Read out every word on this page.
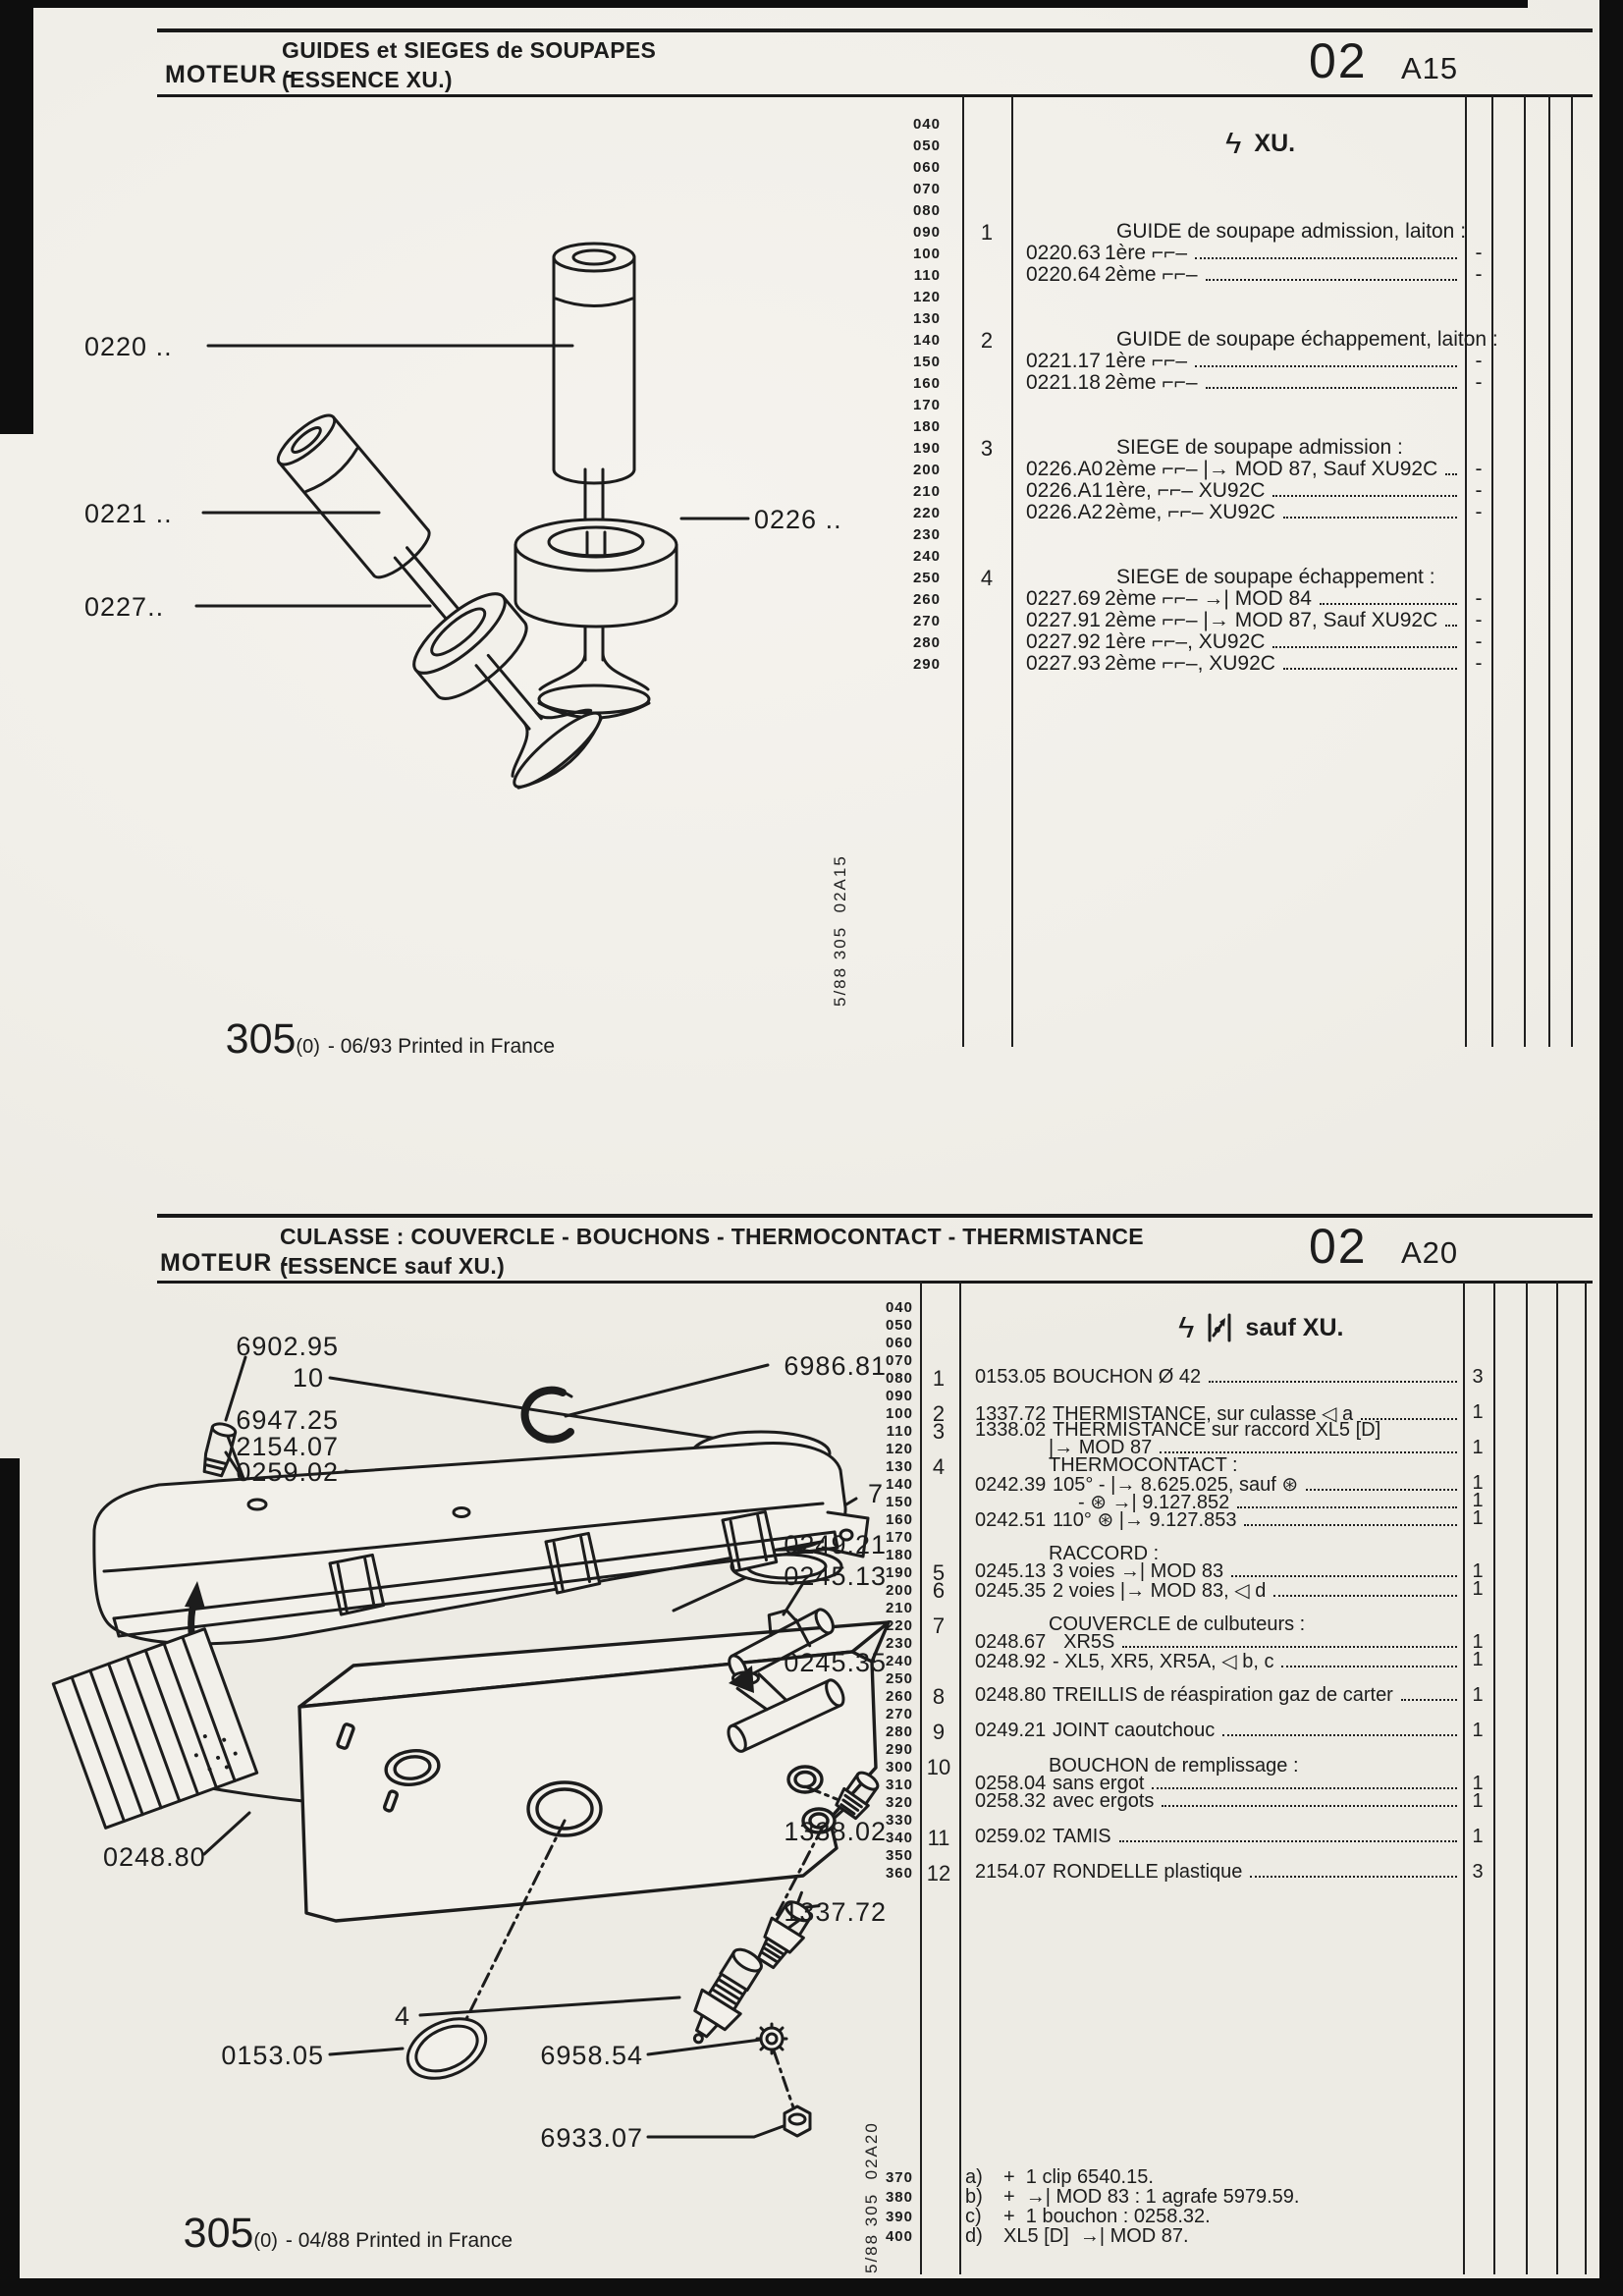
MOTEUR -
GUIDES et SIEGES de SOUPAPES
(ESSENCE XU.)	02 A15
ϟ XU.
0220 ..
0221 ..
0227..
0226 ..
040
050
060
070
080
090
100
110
120
130
140
150
160
170
180
190
200
210
220
230
240
250
260
270
280
290
1	GUIDE de soupape admission, laiton :
0220.63 1ère ⌐⌐–	-
0220.64 2ème ⌐⌐–	-
2	GUIDE de soupape échappement, laiton :
0221.17 1ère ⌐⌐–	-
0221.18 2ème ⌐⌐–	-
3	SIEGE de soupape admission :
0226.A0 2ème ⌐⌐– |→ MOD 87, Sauf XU92C	-
0226.A1 1ère, ⌐⌐– XU92C	-
0226.A2 2ème, ⌐⌐– XU92C	-
4	SIEGE de soupape échappement :
0227.69 2ème ⌐⌐– →| MOD 84	-
0227.91 2ème ⌐⌐– |→ MOD 87, Sauf XU92C	-
0227.92 1ère ⌐⌐–, XU92C	-
0227.93 2ème ⌐⌐–, XU92C	-
5/88 305  02A15

305(0) - 06/93 Printed in France

MOTEUR -
CULASSE : COUVERCLE - BOUCHONS - THERMOCONTACT - THERMISTANCE
(ESSENCE sauf XU.)	02 A20
ϟ sauf XU.
6902.95
10
6947.25
2154.07
0259.02
6986.81
7
0249.21
0245.13
0245.35
0248.80
0153.05
1338.02
1337.72
4
6958.54
6933.07
040
050
060
070
080
090
100
110
120
130
140
150
160
170
180
190
200
210
220
230
240
250
260
270
280
290
300
310
320
330
340
350
360
370
380
390
400
1	0153.05 BOUCHON Ø 42	3
2	1337.72 THERMISTANCE, sur culasse ◁ a	1
3	1338.02 THERMISTANCE sur raccord XL5 [D]
|→ MOD 87	1
4	THERMOCONTACT :
0242.39 105° - |→ 8.625.025, sauf ⊛	1
- ⊛ →| 9.127.852	1
0242.51 110° ⊛ |→ 9.127.853	1
RACCORD :
5	0245.13 3 voies →| MOD 83	1
6	0245.35 2 voies |→ MOD 83, ◁ d	1
7	COUVERCLE de culbuteurs :
0248.67 XR5S	1
0248.92 - XL5, XR5, XR5A, ◁ b, c	1
8	0248.80 TREILLIS de réaspiration gaz de carter	1
9	0249.21 JOINT caoutchouc	1
10	BOUCHON de remplissage :
0258.04 sans ergot	1
0258.32 avec ergots	1
11	0259.02 TAMIS	1
12	2154.07 RONDELLE plastique	3
a) +  1 clip 6540.15.
b) +  →| MOD 83 : 1 agrafe 5979.59.
c) +  1 bouchon : 0258.32.
d) XL5 [D]  →| MOD 87.
5/88 305  02A20

305(0) - 04/88 Printed in France
